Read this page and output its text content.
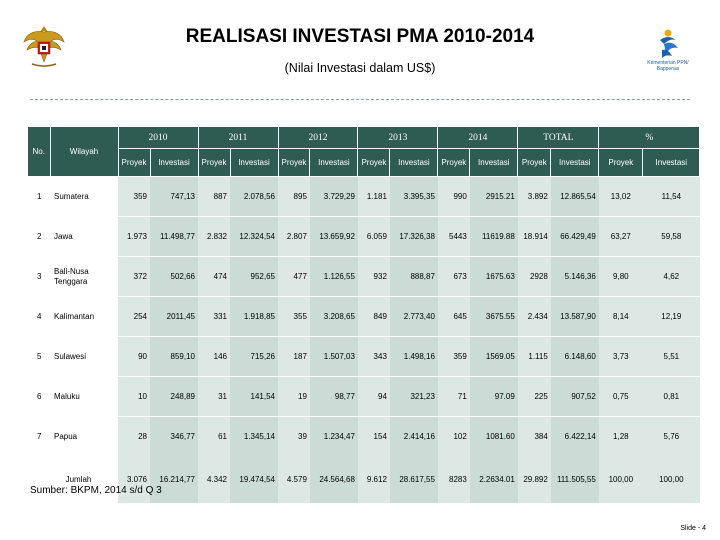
Kementerian PPN/ Bappenas
REALISASI INVESTASI PMA 2010-2014
(Nilai Investasi dalam US$)
No.	Wilayah	2010		2011		2012		2013		2014		TOTAL		%	
		Proyek	Investasi	Proyek	Investasi	Proyek	Investasi	Proyek	Investasi	Proyek	Investasi	Proyek	Investasi	Proyek	Investasi
1	Sumatera	359	747,13	887	2.078,56	895	3.729,29	1.181	3.395,35	990	2915.21	3.892	12.865,54	13,02	11,54
2	Jawa	1.973	11.498,77	2.832	12.324,54	2.807	13.659,92	6.059	17.326,38	5443	11619.88	18.914	66.429,49	63,27	59,58
3	Bali-Nusa Tenggara	372	502,66	474	952,65	477	1.126,55	932	888,87	673	1675.63	2928	5.146,36	9,80	4,62
4	Kalimantan	254	2011,45	331	1.918,85	355	3.208,65	849	2.773,40	645	3675.55	2.434	13.587,90	8,14	12,19
5	Sulawesi	90	859,10	146	715,26	187	1.507,03	343	1.498,16	359	1569.05	1.115	6.148,60	3,73	5,51
6	Maluku	10	248,89	31	141,54	19	98,77	94	321,23	71	97.09	225	907,52	0,75	0,81
7	Papua	28	346,77	61	1.345,14	39	1.234,47	154	2.414,16	102	1081.60	384	6.422,14	1,28	5,76
Jumlah		3.076	16.214,77	4.342	19.474,54	4.579	24.564,68	9.612	28.617,55	8283	2.2634.01	29.892	111.505,55	100,00	100,00
Sumber: BKPM, 2014 s/d Q 3
Slide - 4
